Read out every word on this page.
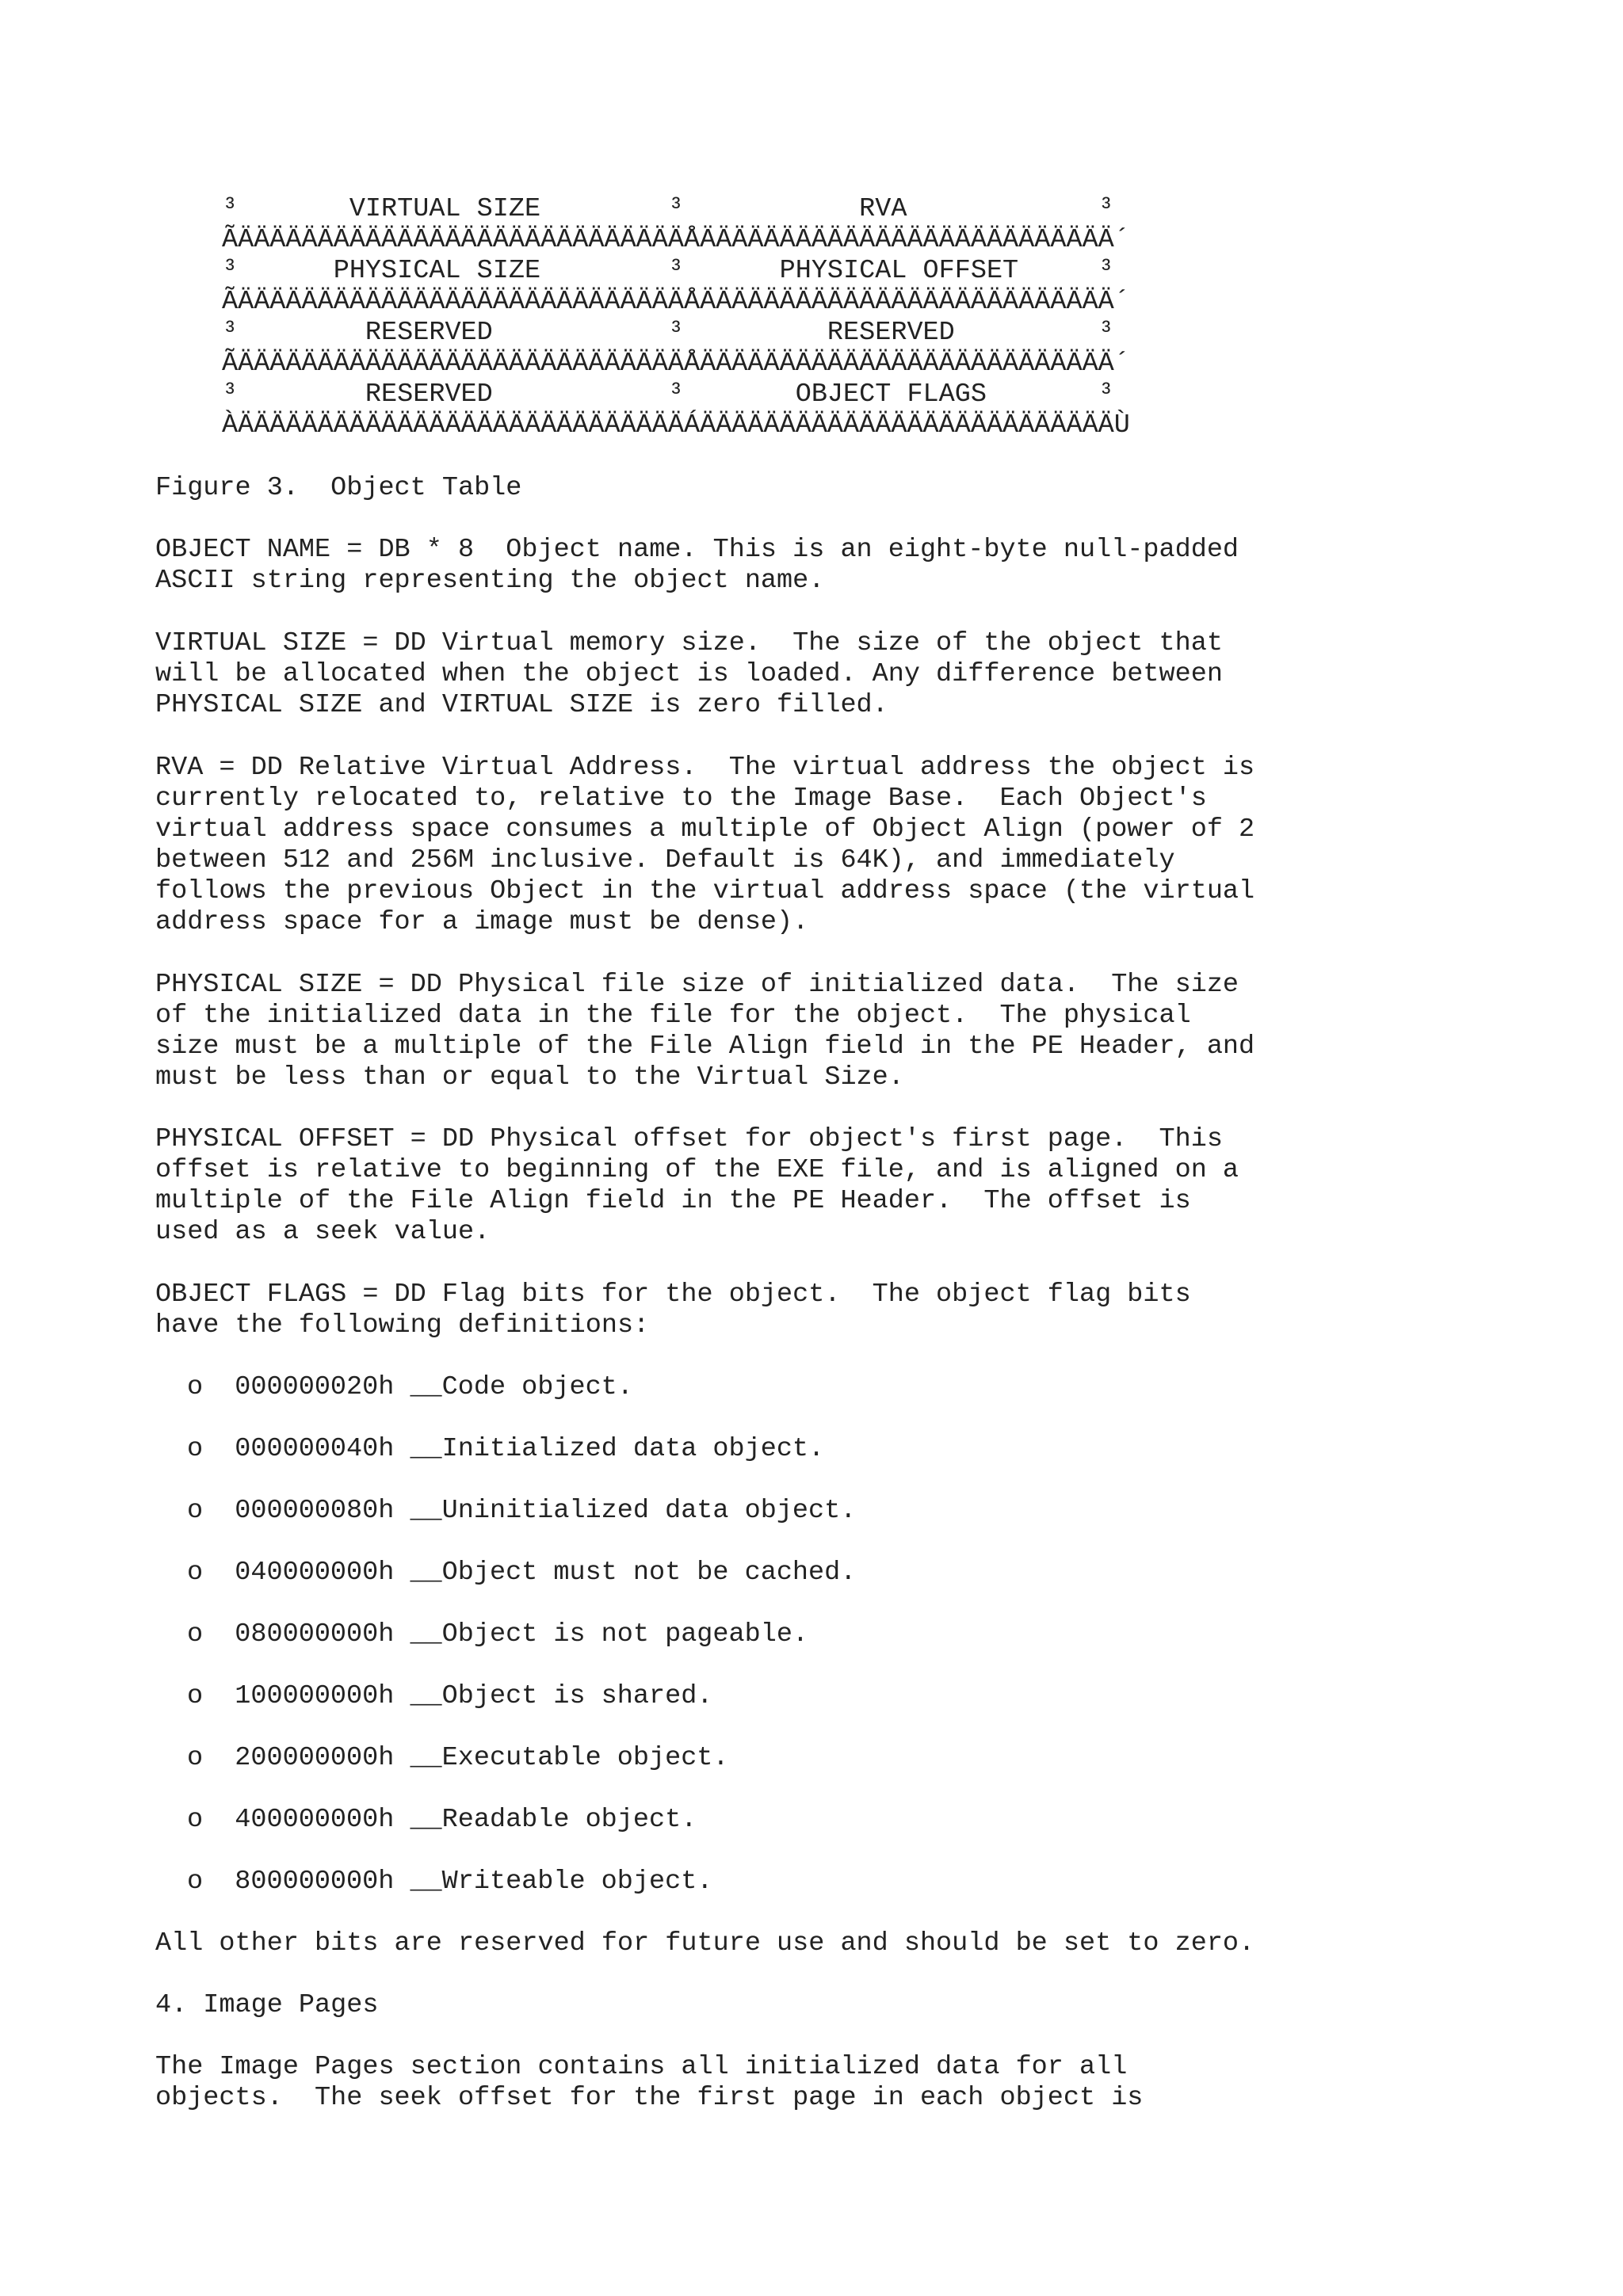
³       VIRTUAL SIZE        ³           RVA            ³
ÃÄÄÄÄÄÄÄÄÄÄÄÄÄÄÄÄÄÄÄÄÄÄÄÄÄÄÄÄÅÄÄÄÄÄÄÄÄÄÄÄÄÄÄÄÄÄÄÄÄÄÄÄÄÄÄ´
³      PHYSICAL SIZE        ³      PHYSICAL OFFSET     ³
ÃÄÄÄÄÄÄÄÄÄÄÄÄÄÄÄÄÄÄÄÄÄÄÄÄÄÄÄÄÅÄÄÄÄÄÄÄÄÄÄÄÄÄÄÄÄÄÄÄÄÄÄÄÄÄÄ´
³        RESERVED           ³         RESERVED         ³
ÃÄÄÄÄÄÄÄÄÄÄÄÄÄÄÄÄÄÄÄÄÄÄÄÄÄÄÄÄÅÄÄÄÄÄÄÄÄÄÄÄÄÄÄÄÄÄÄÄÄÄÄÄÄÄÄ´
³        RESERVED           ³       OBJECT FLAGS       ³
ÀÄÄÄÄÄÄÄÄÄÄÄÄÄÄÄÄÄÄÄÄÄÄÄÄÄÄÄÄÁÄÄÄÄÄÄÄÄÄÄÄÄÄÄÄÄÄÄÄÄÄÄÄÄÄÄÙ
Figure 3.  Object Table
OBJECT NAME = DB * 8  Object name. This is an eight-byte null-padded
ASCII string representing the object name.
VIRTUAL SIZE = DD Virtual memory size.  The size of the object that
will be allocated when the object is loaded. Any difference between
PHYSICAL SIZE and VIRTUAL SIZE is zero filled.
RVA = DD Relative Virtual Address.  The virtual address the object is
currently relocated to, relative to the Image Base.  Each Object's
virtual address space consumes a multiple of Object Align (power of 2
between 512 and 256M inclusive. Default is 64K), and immediately
follows the previous Object in the virtual address space (the virtual
address space for a image must be dense).
PHYSICAL SIZE = DD Physical file size of initialized data.  The size
of the initialized data in the file for the object.  The physical
size must be a multiple of the File Align field in the PE Header, and
must be less than or equal to the Virtual Size.
PHYSICAL OFFSET = DD Physical offset for object's first page.  This
offset is relative to beginning of the EXE file, and is aligned on a
multiple of the File Align field in the PE Header.  The offset is
used as a seek value.
OBJECT FLAGS = DD Flag bits for the object.  The object flag bits
have the following definitions:
o  000000020h __Code object.
o  000000040h __Initialized data object.
o  000000080h __Uninitialized data object.
o  040000000h __Object must not be cached.
o  080000000h __Object is not pageable.
o  100000000h __Object is shared.
o  200000000h __Executable object.
o  400000000h __Readable object.
o  800000000h __Writeable object.
All other bits are reserved for future use and should be set to zero.
4. Image Pages
The Image Pages section contains all initialized data for all
objects.  The seek offset for the first page in each object is
